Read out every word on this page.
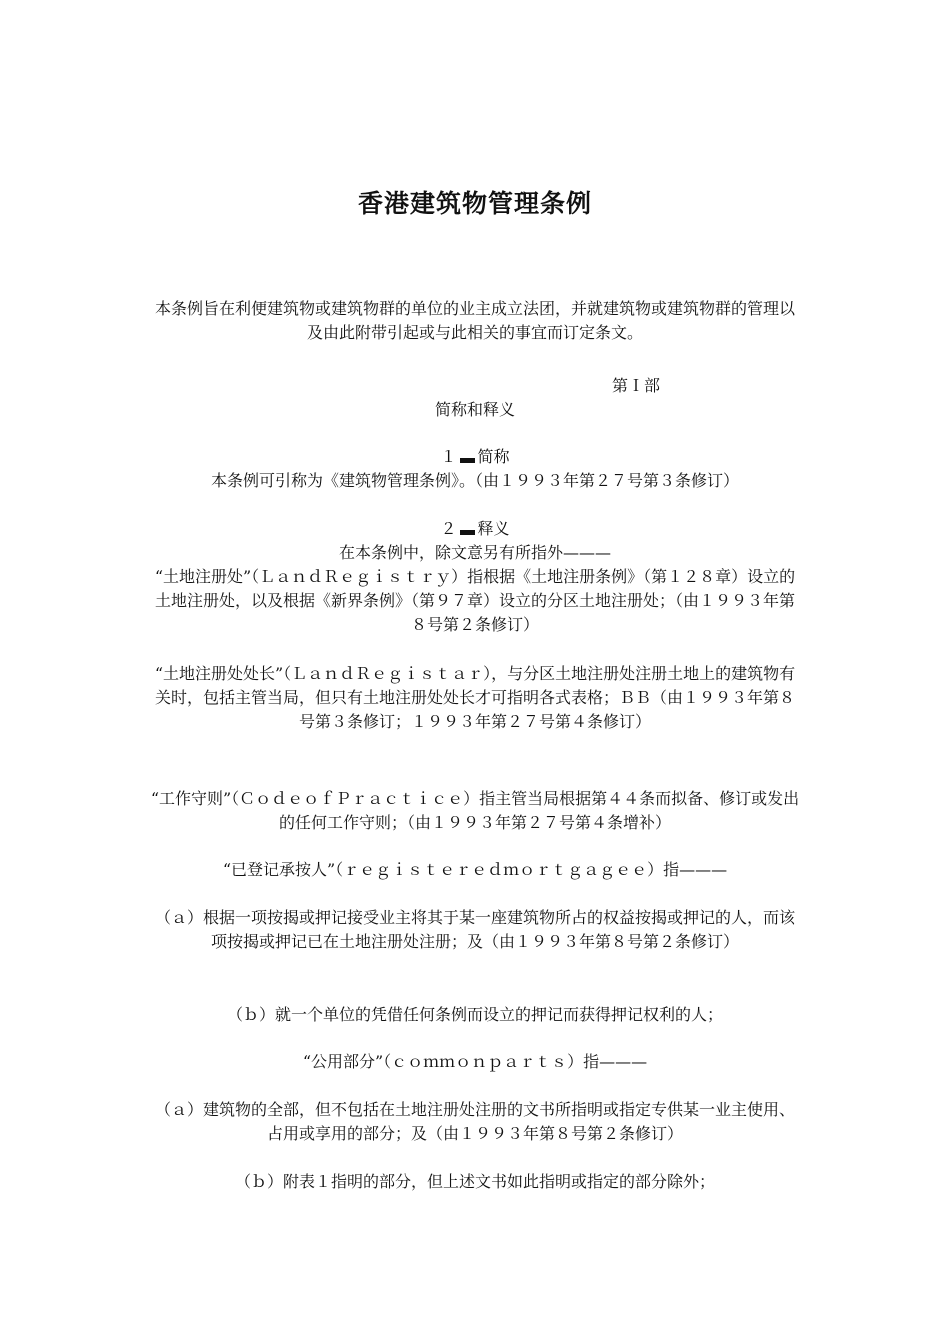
香港建筑物管理条例
本条例旨在利便建筑物或建筑物群的单位的业主成立法团，并就建筑物或建筑物群的管理以及由此附带引起或与此相关的事宜而订定条文。
第Ｉ部
简称和释义
１ 简称
本条例可引称为《建筑物管理条例》。（由１９９３年第２７号第３条修订）
２ 释义
在本条例中，除文意另有所指外———
“土地注册处”（ＬａｎｄＲｅｇｉｓｔｒｙ）指根据《土地注册条例》（第１２８章）设立的土地注册处，以及根据《新界条例》（第９７章）设立的分区土地注册处；（由１９９３年第８号第２条修订）
“土地注册处处长”（ＬａｎｄＲｅｇｉｓｔａｒ），与分区土地注册处注册土地上的建筑物有关时，包括主管当局，但只有土地注册处处长才可指明各式表格；ＢＢ（由１９９３年第８号第３条修订；１９９３年第２７号第４条修订）
“工作守则”（ＣｏｄｅｏｆＰｒａｃｔｉｃｅ）指主管当局根据第４４条而拟备、修订或发出的任何工作守则；（由１９９３年第２７号第４条增补）
“已登记承按人”（ｒｅｇｉｓｔｅｒｅｄｍｏｒｔｇａｇｅｅ）指———
（ａ）根据一项按揭或押记接受业主将其于某一座建筑物所占的权益按揭或押记的人，而该项按揭或押记已在土地注册处注册；及（由１９９３年第８号第２条修订）
（ｂ）就一个单位的凭借任何条例而设立的押记而获得押记权利的人；
“公用部分”（ｃｏｍｍｏｎｐａｒｔｓ）指———
（ａ）建筑物的全部，但不包括在土地注册处注册的文书所指明或指定专供某一业主使用、占用或享用的部分；及（由１９９３年第８号第２条修订）
（ｂ）附表１指明的部分，但上述文书如此指明或指定的部分除外；
